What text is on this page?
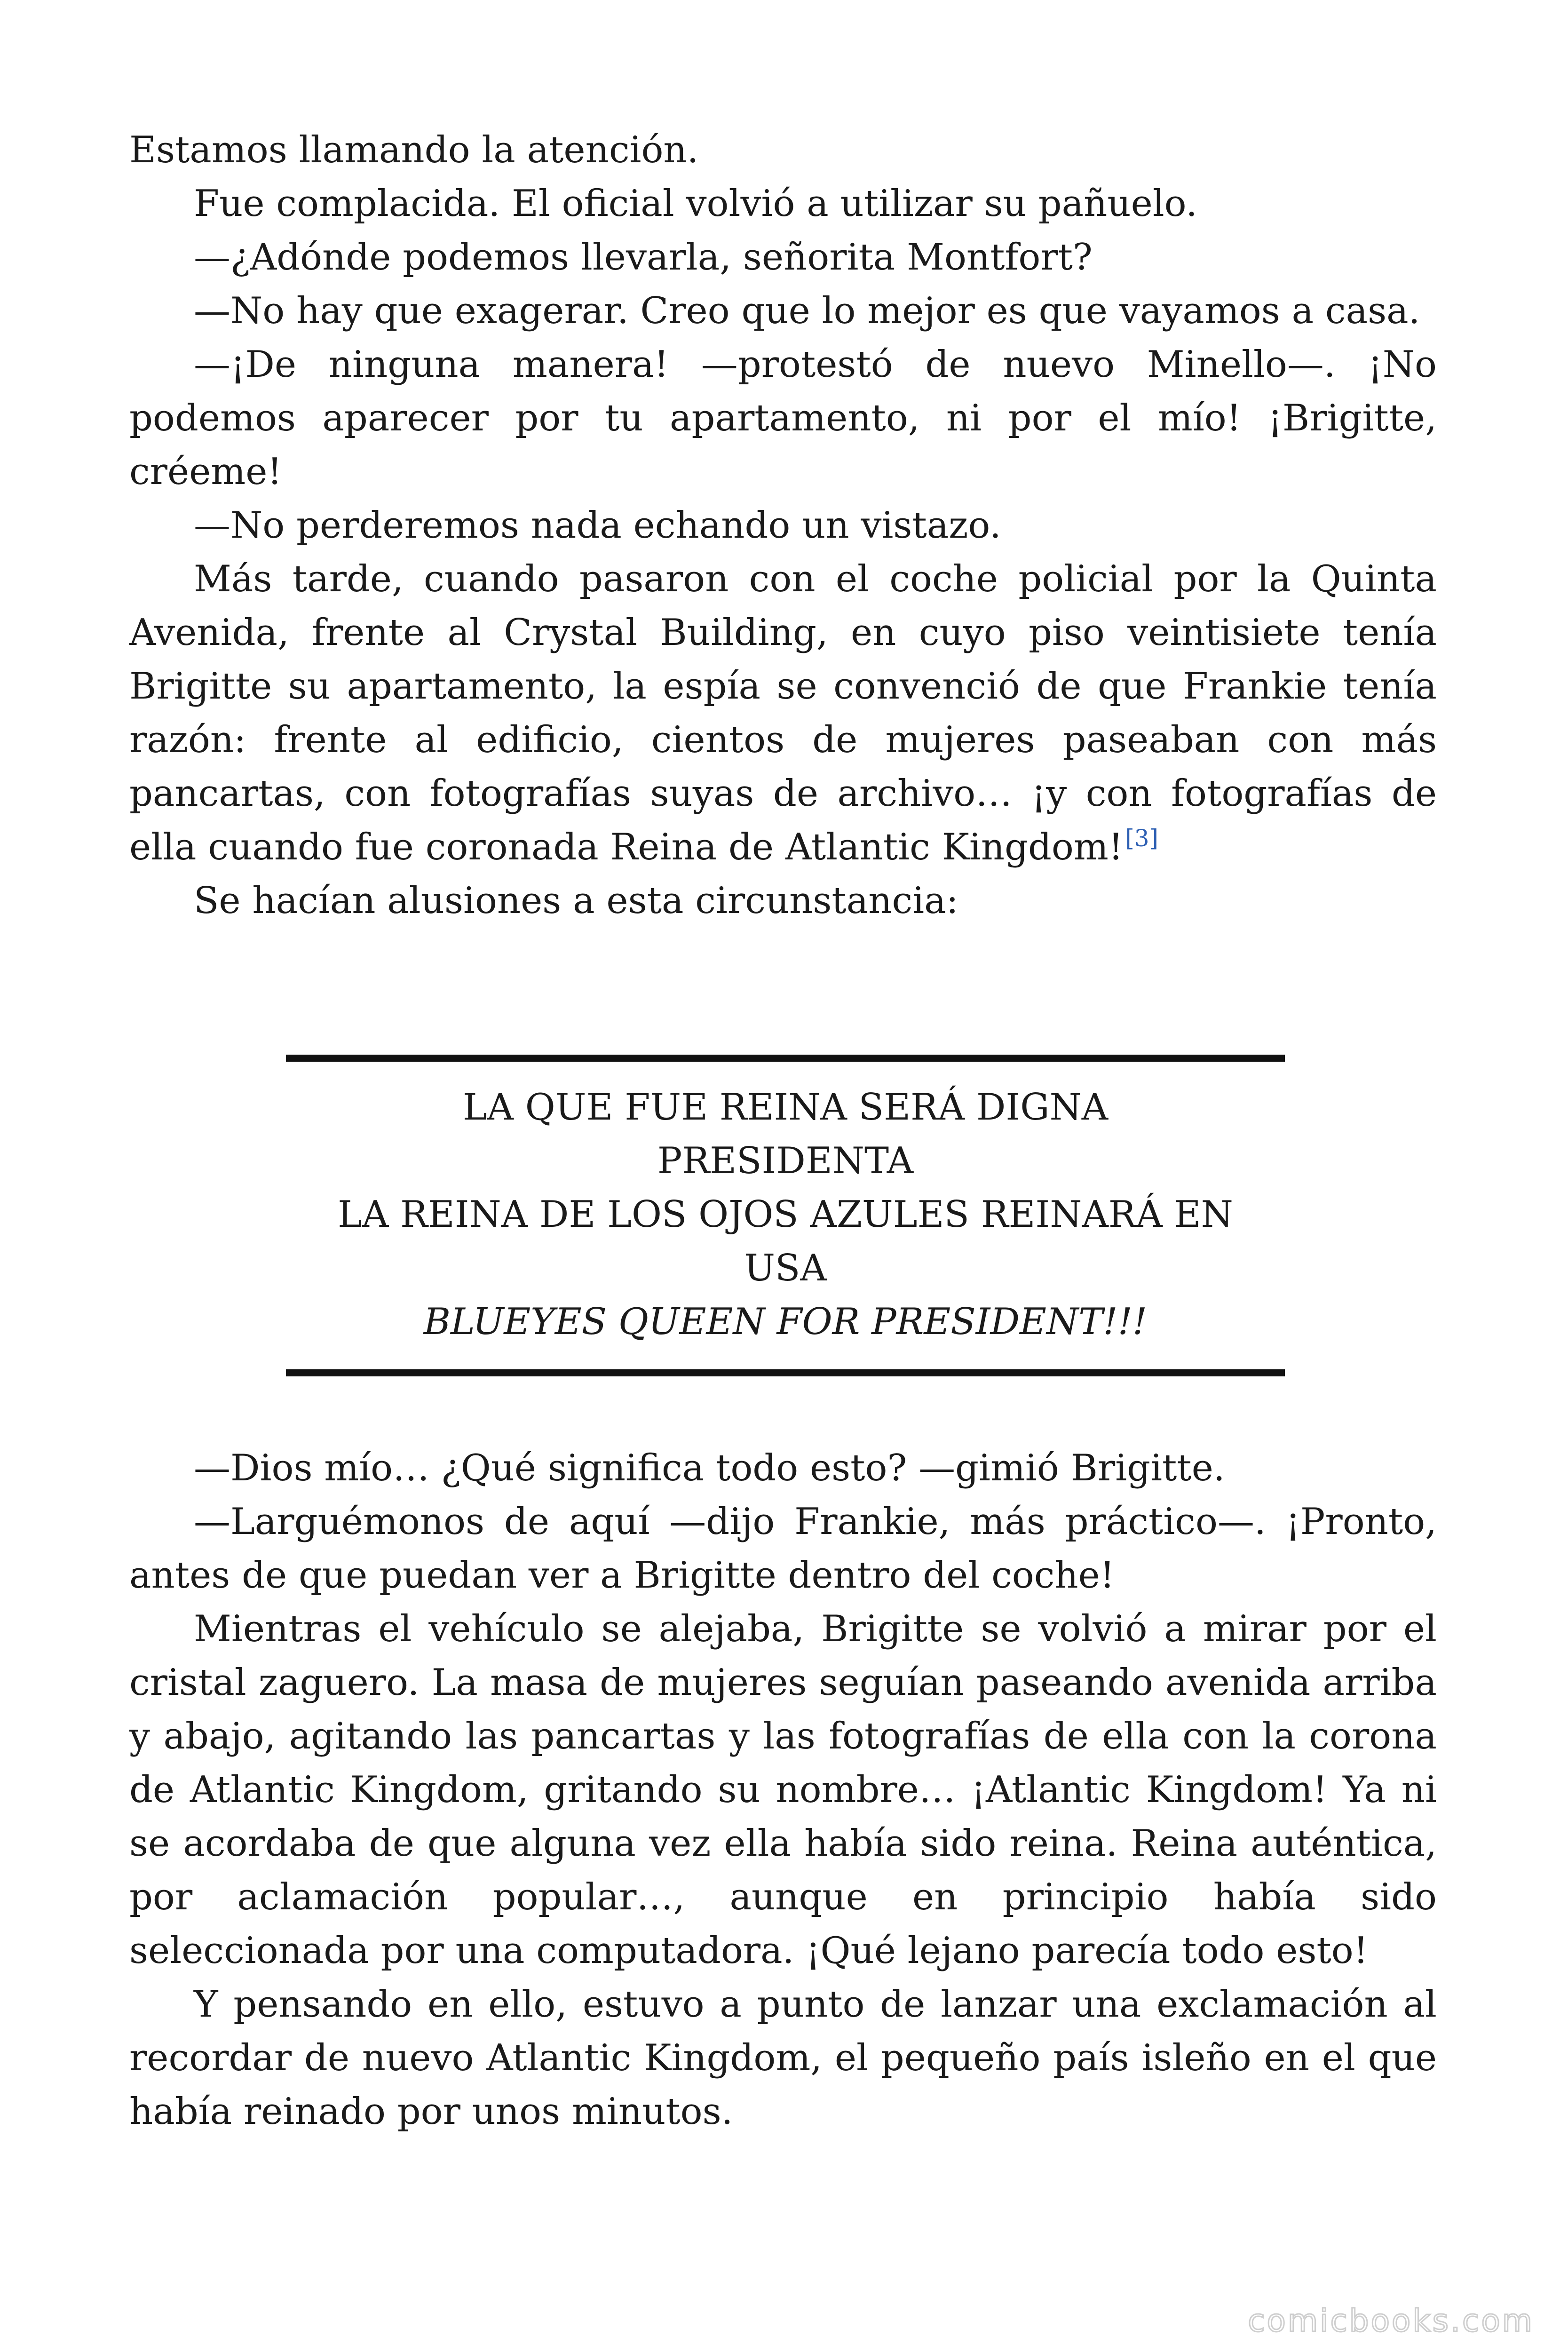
Estamos llamando la atención.

Fue complacida. El oficial volvió a utilizar su pañuelo.

—¿Adónde podemos llevarla, señorita Montfort?

—No hay que exagerar. Creo que lo mejor es que vayamos a casa.

—¡De ninguna manera! —protestó de nuevo Minello—. ¡No podemos aparecer por tu apartamento, ni por el mío! ¡Brigitte, créeme!

—No perderemos nada echando un vistazo.

Más tarde, cuando pasaron con el coche policial por la Quinta Avenida, frente al Crystal Building, en cuyo piso veintisiete tenía Brigitte su apartamento, la espía se convenció de que Frankie tenía razón: frente al edificio, cientos de mujeres paseaban con más pancartas, con fotografías suyas de archivo… ¡y con fotografías de ella cuando fue coronada Reina de Atlantic Kingdom![3]

Se hacían alusiones a esta circunstancia:

LA QUE FUE REINA SERÁ DIGNA
PRESIDENTA
LA REINA DE LOS OJOS AZULES REINARÁ EN
USA
BLUEYES QUEEN FOR PRESIDENT!!!

—Dios mío… ¿Qué significa todo esto? —gimió Brigitte.

—Larguémonos de aquí —dijo Frankie, más práctico—. ¡Pronto, antes de que puedan ver a Brigitte dentro del coche!

Mientras el vehículo se alejaba, Brigitte se volvió a mirar por el cristal zaguero. La masa de mujeres seguían paseando avenida arriba y abajo, agitando las pancartas y las fotografías de ella con la corona de Atlantic Kingdom, gritando su nombre… ¡Atlantic Kingdom! Ya ni se acordaba de que alguna vez ella había sido reina. Reina auténtica, por aclamación popular…, aunque en principio había sido seleccionada por una computadora. ¡Qué lejano parecía todo esto!

Y pensando en ello, estuvo a punto de lanzar una exclamación al recordar de nuevo Atlantic Kingdom, el pequeño país isleño en el que había reinado por unos minutos.

comicbooks.com
